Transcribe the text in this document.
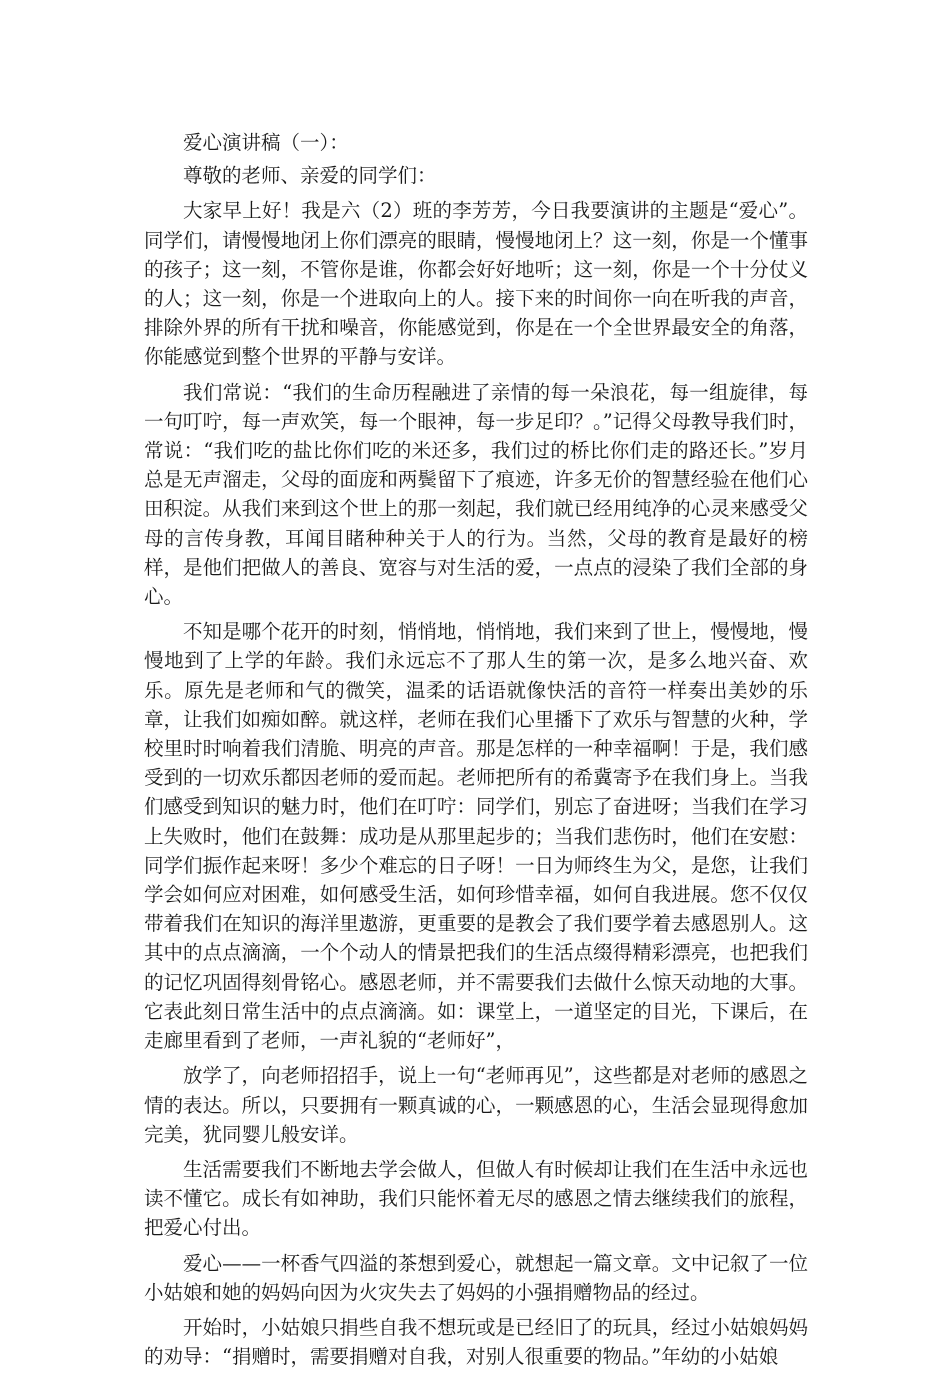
爱心演讲稿（一）：

尊敬的老师、亲爱的同学们：

大家早上好！我是六（2）班的李芳芳，今日我要演讲的主题是“爱心”。同学们，请慢慢地闭上你们漂亮的眼睛，慢慢地闭上？这一刻，你是一个懂事的孩子；这一刻，不管你是谁，你都会好好地听；这一刻，你是一个十分仗义的人；这一刻，你是一个进取向上的人。接下来的时间你一向在听我的声音，排除外界的所有干扰和噪音，你能感觉到，你是在一个全世界最安全的角落，你能感觉到整个世界的平静与安详。

我们常说：“我们的生命历程融进了亲情的每一朵浪花，每一组旋律，每一句叮咛，每一声欢笑，每一个眼神，每一步足印？。”记得父母教导我们时，常说：“我们吃的盐比你们吃的米还多，我们过的桥比你们走的路还长。”岁月总是无声溜走，父母的面庞和两鬓留下了痕迹，许多无价的智慧经验在他们心田积淀。从我们来到这个世上的那一刻起，我们就已经用纯净的心灵来感受父母的言传身教，耳闻目睹种种关于人的行为。当然，父母的教育是最好的榜样，是他们把做人的善良、宽容与对生活的爱，一点点的浸染了我们全部的身心。

不知是哪个花开的时刻，悄悄地，悄悄地，我们来到了世上，慢慢地，慢慢地到了上学的年龄。我们永远忘不了那人生的第一次，是多么地兴奋、欢乐。原先是老师和气的微笑，温柔的话语就像快活的音符一样奏出美妙的乐章，让我们如痴如醉。就这样，老师在我们心里播下了欢乐与智慧的火种，学校里时时响着我们清脆、明亮的声音。那是怎样的一种幸福啊！于是，我们感受到的一切欢乐都因老师的爱而起。老师把所有的希冀寄予在我们身上。当我们感受到知识的魅力时，他们在叮咛：同学们，别忘了奋进呀；当我们在学习上失败时，他们在鼓舞：成功是从那里起步的；当我们悲伤时，他们在安慰：同学们振作起来呀！多少个难忘的日子呀！一日为师终生为父，是您，让我们学会如何应对困难，如何感受生活，如何珍惜幸福，如何自我进展。您不仅仅带着我们在知识的海洋里遨游，更重要的是教会了我们要学着去感恩别人。这其中的点点滴滴，一个个动人的情景把我们的生活点缀得精彩漂亮，也把我们的记忆巩固得刻骨铭心。感恩老师，并不需要我们去做什么惊天动地的大事。它表此刻日常生活中的点点滴滴。如：课堂上，一道坚定的目光，下课后，在走廊里看到了老师，一声礼貌的“老师好”，

放学了，向老师招招手，说上一句“老师再见”，这些都是对老师的感恩之情的表达。所以，只要拥有一颗真诚的心，一颗感恩的心，生活会显现得愈加完美，犹同婴儿般安详。

生活需要我们不断地去学会做人，但做人有时候却让我们在生活中永远也读不懂它。成长有如神助，我们只能怀着无尽的感恩之情去继续我们的旅程，把爱心付出。

爱心——一杯香气四溢的茶想到爱心，就想起一篇文章。文中记叙了一位小姑娘和她的妈妈向因为火灾失去了妈妈的小强捐赠物品的经过。

开始时，小姑娘只捐些自我不想玩或是已经旧了的玩具，经过小姑娘妈妈的劝导：“捐赠时，需要捐赠对自我，对别人很重要的物品。”年幼的小姑娘
